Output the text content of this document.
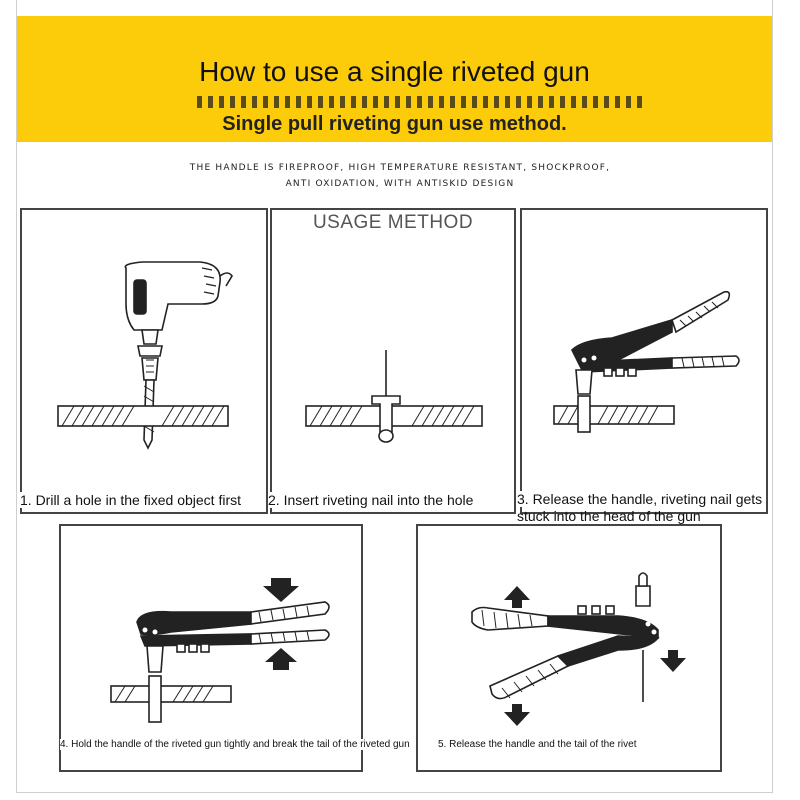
How to use a single riveted gun
Single pull riveting gun use method.
THE HANDLE IS FIREPROOF, HIGH TEMPERATURE RESISTANT, SHOCKPROOF,
ANTI OXIDATION, WITH ANTISKID DESIGN
1. Drill a hole in the fixed object first
USAGE METHOD
2. Insert riveting nail into the hole	3. Release the handle, riveting nail gets
stuck into the head of the gun
4. Hold the handle of the riveted gun tightly and break the tail of the riveted gun	5. Release the handle and the tail of the rivet
